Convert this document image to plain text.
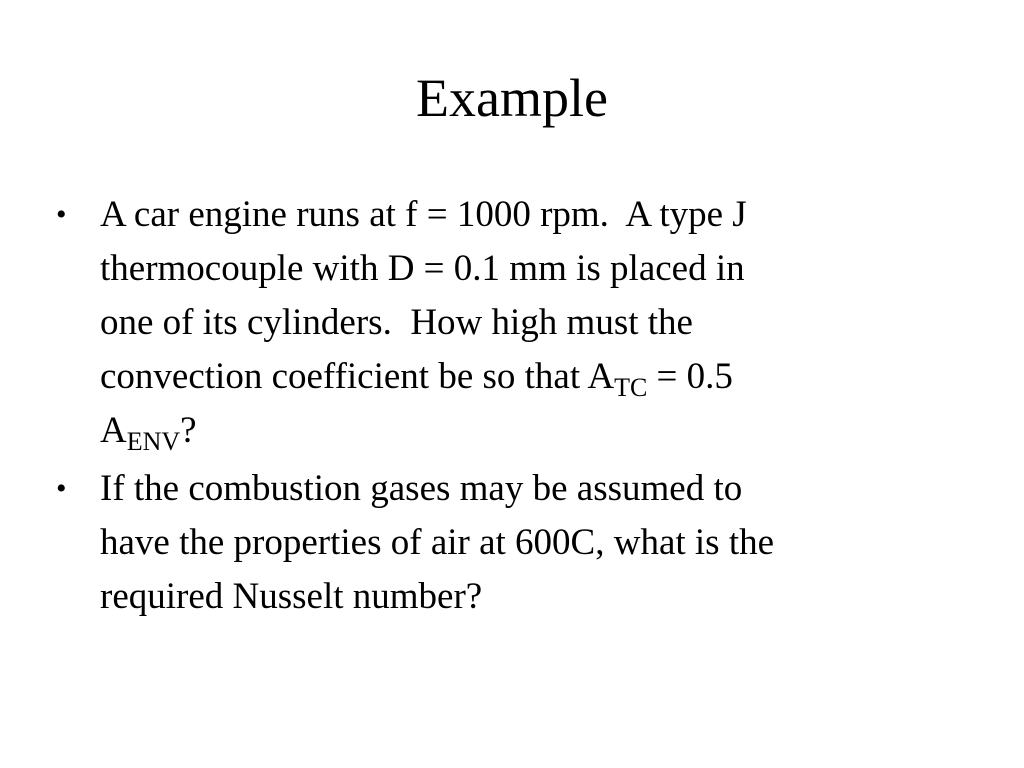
Example
• A car engine runs at f = 1000 rpm.  A type J
thermocouple with D = 0.1 mm is placed in
one of its cylinders.  How high must the
convection coefficient be so that $A_{TC} = 0.5$
$A_{ENV}$?
• If the combustion gases may be assumed to
have the properties of air at 600C, what is the
required Nusselt number?
